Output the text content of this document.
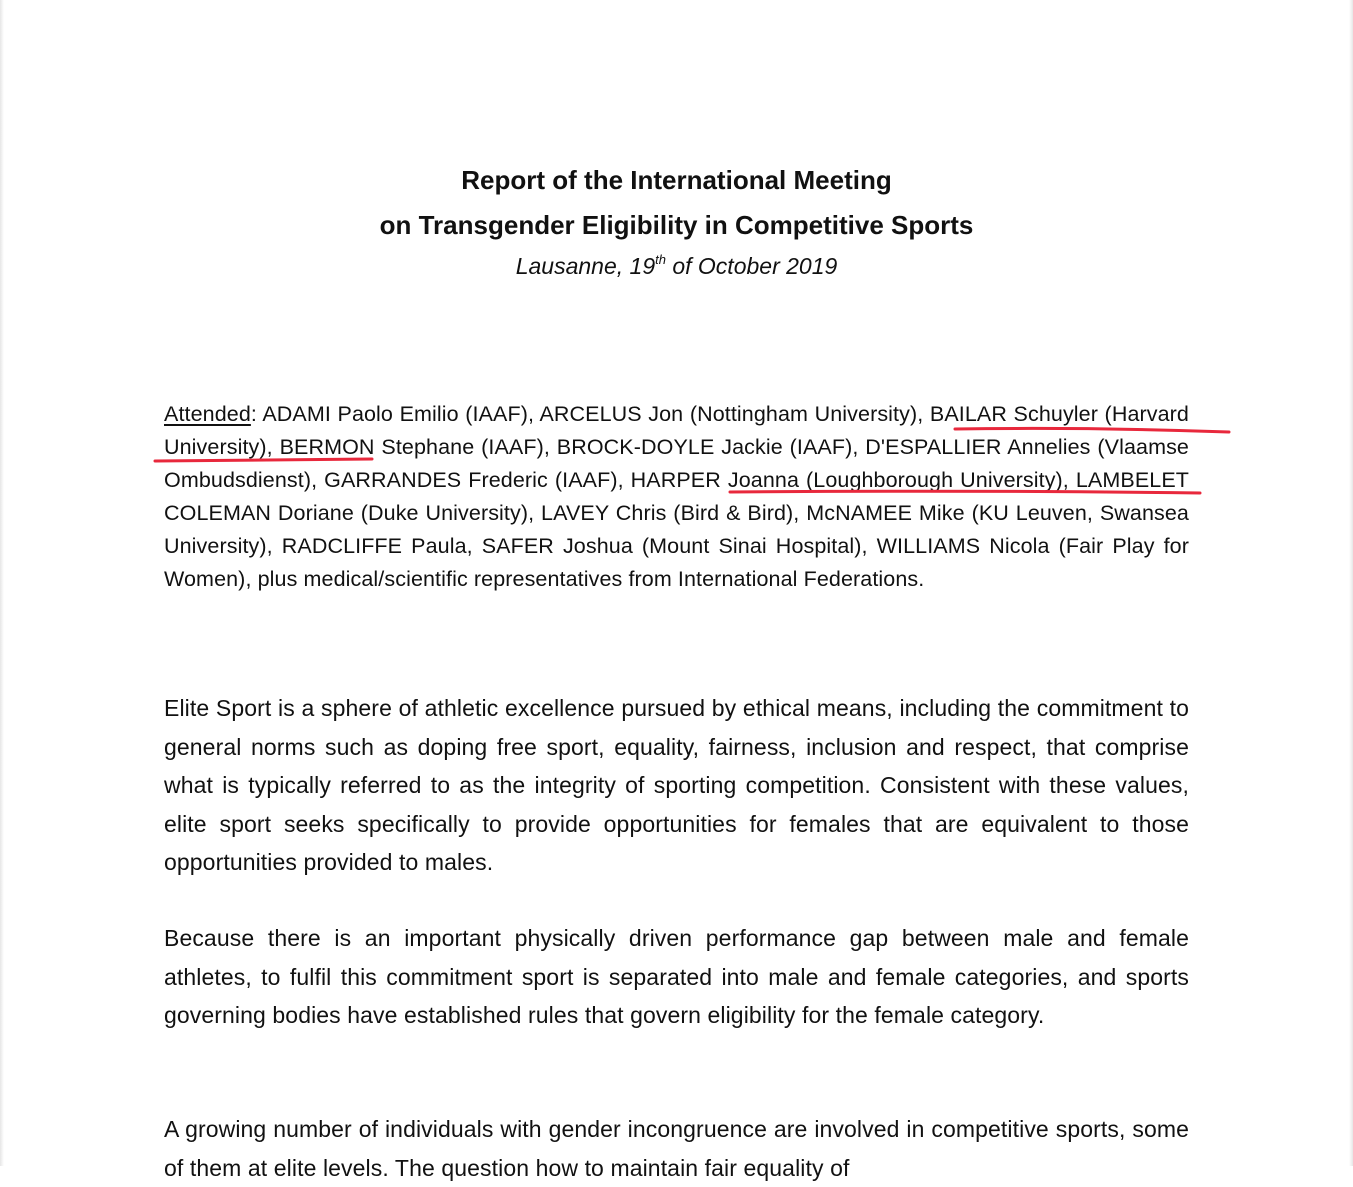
Report of the International Meeting
on Transgender Eligibility in Competitive Sports
Lausanne, 19th of October 2019
Attended: ADAMI Paolo Emilio (IAAF), ARCELUS Jon (Nottingham University), BAILAR Schuyler (Harvard University), BERMON Stephane (IAAF), BROCK-DOYLE Jackie (IAAF), D'ESPALLIER Annelies (Vlaamse Ombudsdienst), GARRANDES Frederic (IAAF), HARPER Joanna (Loughborough University), LAMBELET COLEMAN Doriane (Duke University), LAVEY Chris (Bird & Bird), McNAMEE Mike (KU Leuven, Swansea University), RADCLIFFE Paula, SAFER Joshua (Mount Sinai Hospital), WILLIAMS Nicola (Fair Play for Women), plus medical/scientific representatives from International Federations.
Elite Sport is a sphere of athletic excellence pursued by ethical means, including the commitment to general norms such as doping free sport, equality, fairness, inclusion and respect, that comprise what is typically referred to as the integrity of sporting competition. Consistent with these values, elite sport seeks specifically to provide opportunities for females that are equivalent to those opportunities provided to males.
Because there is an important physically driven performance gap between male and female athletes, to fulfil this commitment sport is separated into male and female categories, and sports governing bodies have established rules that govern eligibility for the female category.
A growing number of individuals with gender incongruence are involved in competitive sports, some of them at elite levels. The question how to maintain fair equality of
